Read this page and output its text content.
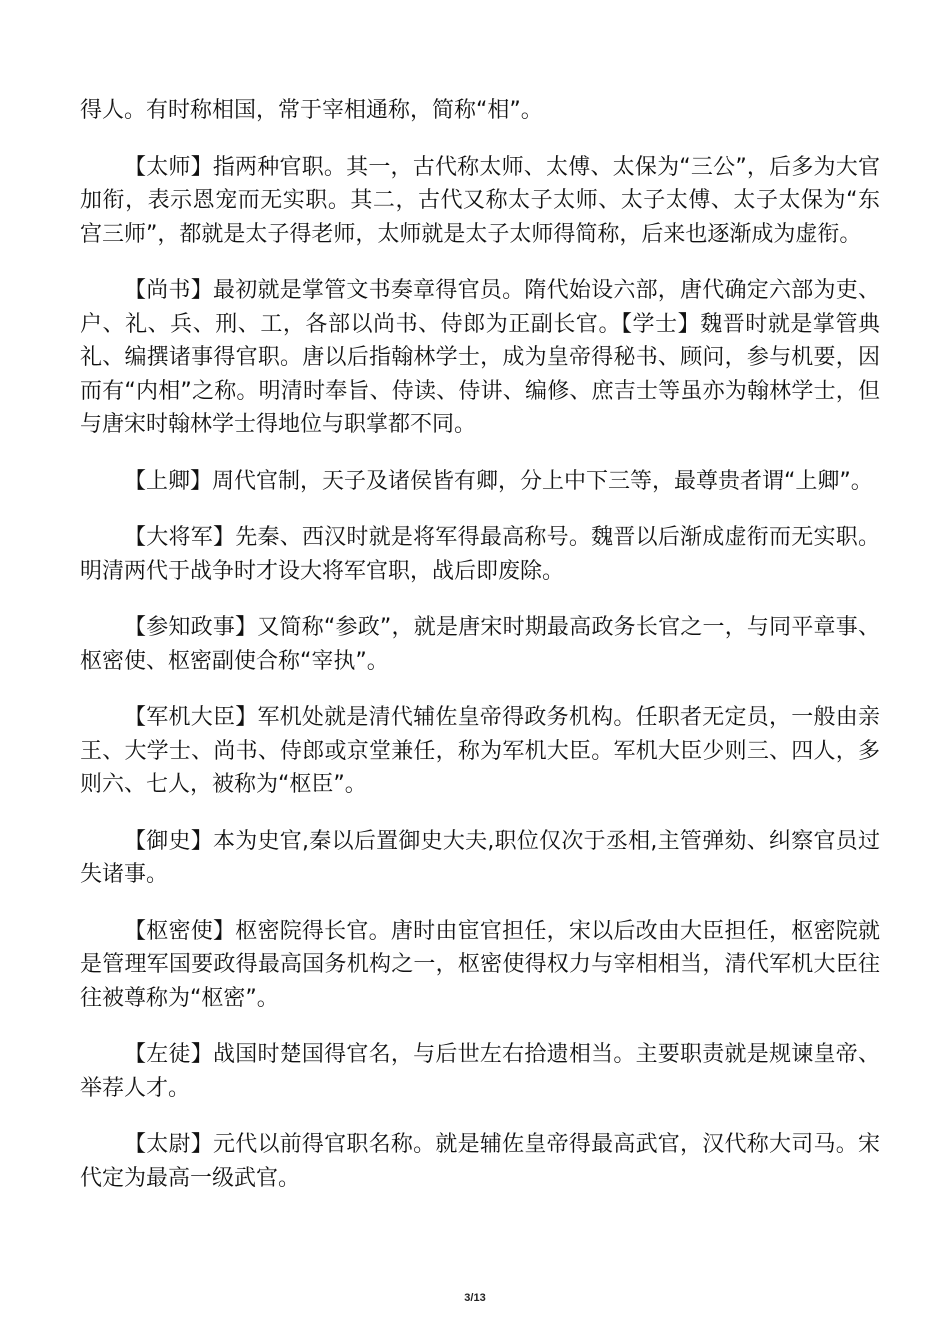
得人。有时称相国，常于宰相通称，简称“相”。

【太师】指两种官职。其一，古代称太师、太傅、太保为“三公”，后多为大官加衔，表示恩宠而无实职。其二，古代又称太子太师、太子太傅、太子太保为“东宫三师”，都就是太子得老师，太师就是太子太师得简称，后来也逐渐成为虚衔。

【尚书】最初就是掌管文书奏章得官员。隋代始设六部，唐代确定六部为吏、户、礼、兵、刑、工，各部以尚书、侍郎为正副长官。【学士】魏晋时就是掌管典礼、编撰诸事得官职。唐以后指翰林学士，成为皇帝得秘书、顾问，参与机要，因而有“内相”之称。明清时奉旨、侍读、侍讲、编修、庶吉士等虽亦为翰林学士，但与唐宋时翰林学士得地位与职掌都不同。

【上卿】周代官制，天子及诸侯皆有卿，分上中下三等，最尊贵者谓“上卿”。

【大将军】先秦、西汉时就是将军得最高称号。魏晋以后渐成虚衔而无实职。明清两代于战争时才设大将军官职，战后即废除。

【参知政事】又简称“参政”，就是唐宋时期最高政务长官之一，与同平章事、枢密使、枢密副使合称“宰执”。

【军机大臣】军机处就是清代辅佐皇帝得政务机构。任职者无定员，一般由亲王、大学士、尚书、侍郎或京堂兼任，称为军机大臣。军机大臣少则三、四人，多则六、七人，被称为“枢臣”。

【御史】本为史官,秦以后置御史大夫,职位仅次于丞相,主管弹劾、纠察官员过失诸事。

【枢密使】枢密院得长官。唐时由宦官担任，宋以后改由大臣担任，枢密院就是管理军国要政得最高国务机构之一，枢密使得权力与宰相相当，清代军机大臣往往被尊称为“枢密”。

【左徒】战国时楚国得官名，与后世左右拾遗相当。主要职责就是规谏皇帝、举荐人才。

【太尉】元代以前得官职名称。就是辅佐皇帝得最高武官，汉代称大司马。宋代定为最高一级武官。

3/13
